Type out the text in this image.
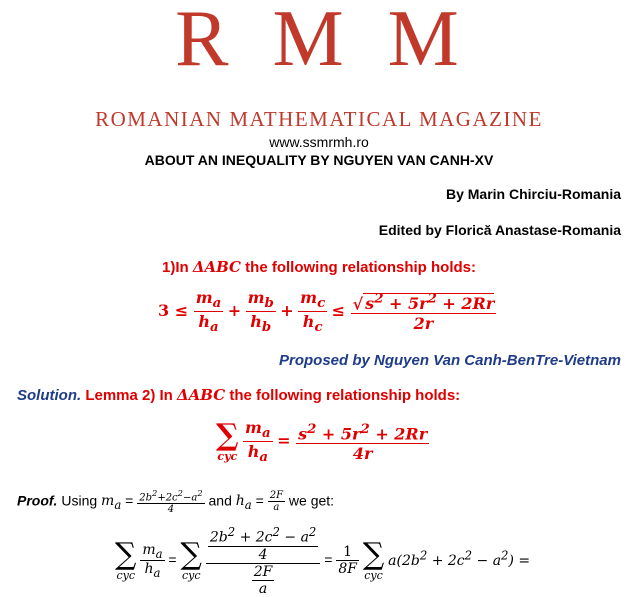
R M M
ROMANIAN MATHEMATICAL MAGAZINE
www.ssmrmh.ro
ABOUT AN INEQUALITY BY NGUYEN VAN CANH-XV
By Marin Chirciu-Romania
Edited by Florică Anastase-Romania
1)In ΔABC the following relationship holds:
$3 \le \frac{m_a}{h_a} + \frac{m_b}{h_b} + \frac{m_c}{h_c} \le \frac{√ s^2 + 5r^2 + 2Rr}{2r}$
Proposed by Nguyen Van Canh-BenTre-Vietnam
Solution. Lemma 2) In ΔABC the following relationship holds:
∑
cyc
$\frac{m_a}{h_a} = \frac{s^2 + 5r^2 + 2Rr}{4r}$
Proof. Using $m_a = \frac{2b^2+2c^2-a^2}{4}$ and $h_a = \frac{2F}{a}$ we get:
∑
cyc
$\frac{m_a}{h_a}$ = ∑
cyc
$\frac{\frac{2b^2 + 2c^2 - a^2}{4}}{\frac{2F}{a}} = \frac{1}{8F}$
∑
cyc
$a(2b^2 + 2c^2 - a^2)$ =
